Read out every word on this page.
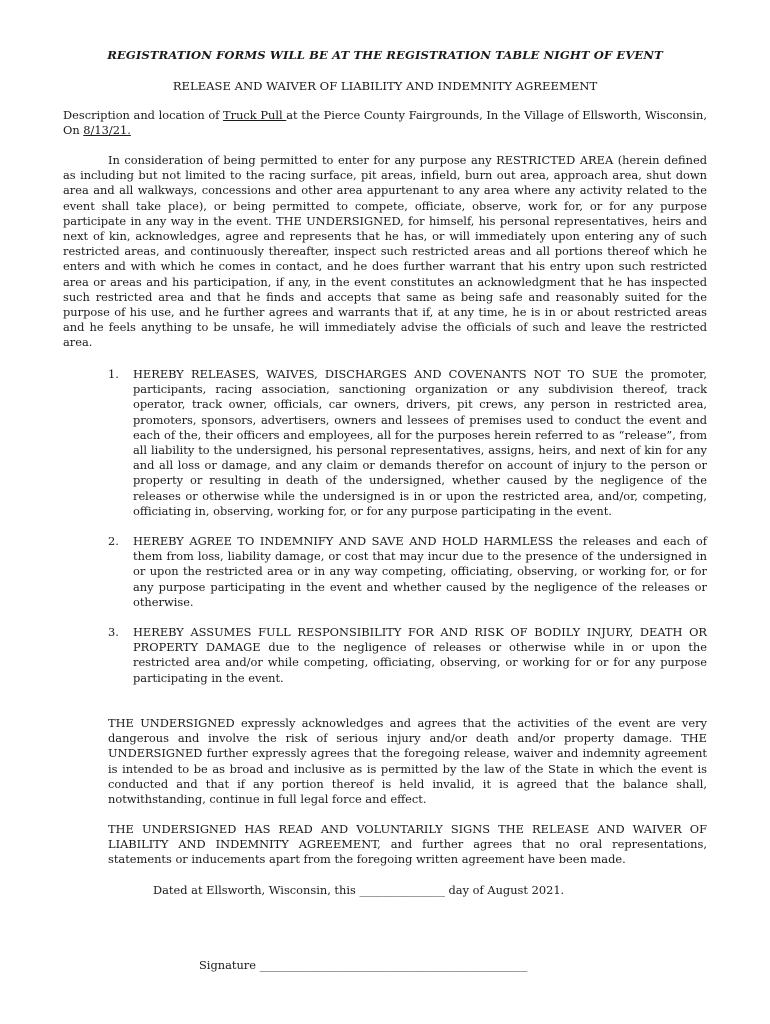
REGISTRATION FORMS WILL BE AT THE REGISTRATION TABLE NIGHT OF EVENT
RELEASE AND WAIVER OF LIABILITY AND INDEMNITY AGREEMENT

Description and location of Truck Pull at the Pierce County Fairgrounds, In the Village of Ellsworth, Wisconsin, On 8/13/21.

In consideration of being permitted to enter for any purpose any RESTRICTED AREA (herein defined as including but not limited to the racing surface, pit areas, infield, burn out area, approach area, shut down area and all walkways, concessions and other area appurtenant to any area where any activity related to the event shall take place), or being permitted to compete, officiate, observe, work for, or for any purpose participate in any way in the event. THE UNDERSIGNED, for himself, his personal representatives, heirs and next of kin, acknowledges, agree and represents that he has, or will immediately upon entering any of such restricted areas, and continuously thereafter, inspect such restricted areas and all portions thereof which he enters and with which he comes in contact, and he does further warrant that his entry upon such restricted area or areas and his participation, if any, in the event constitutes an acknowledgment that he has inspected such restricted area and that he finds and accepts that same as being safe and reasonably suited for the purpose of his use, and he further agrees and warrants that if, at any time, he is in or about restricted areas and he feels anything to be unsafe, he will immediately advise the officials of such and leave the restricted area.

1. HEREBY RELEASES, WAIVES, DISCHARGES AND COVENANTS NOT TO SUE the promoter, participants, racing association, sanctioning organization or any subdivision thereof, track operator, track owner, officials, car owners, drivers, pit crews, any person in restricted area, promoters, sponsors, advertisers, owners and lessees of premises used to conduct the event and each of the, their officers and employees, all for the purposes herein referred to as “release”, from all liability to the undersigned, his personal representatives, assigns, heirs, and next of kin for any and all loss or damage, and any claim or demands therefor on account of injury to the person or property or resulting in death of the undersigned, whether caused by the negligence of the releases or otherwise while the undersigned is in or upon the restricted area, and/or, competing, officiating in, observing, working for, or for any purpose participating in the event.
2. HEREBY AGREE TO INDEMNIFY AND SAVE AND HOLD HARMLESS the releases and each of them from loss, liability damage, or cost that may incur due to the presence of the undersigned in or upon the restricted area or in any way competing, officiating, observing, or working for, or for any purpose participating in the event and whether caused by the negligence of the releases or otherwise.
3. HEREBY ASSUMES FULL RESPONSIBILITY FOR AND RISK OF BODILY INJURY, DEATH OR PROPERTY DAMAGE due to the negligence of releases or otherwise while in or upon the restricted area and/or while competing, officiating, observing, or working for or for any purpose participating in the event.

THE UNDERSIGNED expressly acknowledges and agrees that the activities of the event are very dangerous and involve the risk of serious injury and/or death and/or property damage. THE UNDERSIGNED further expressly agrees that the foregoing release, waiver and indemnity agreement is intended to be as broad and inclusive as is permitted by the law of the State in which the event is conducted and that if any portion thereof is held invalid, it is agreed that the balance shall, notwithstanding, continue in full legal force and effect.

THE UNDERSIGNED HAS READ AND VOLUNTARILY SIGNS THE RELEASE AND WAIVER OF LIABILITY AND INDEMNITY AGREEMENT, and further agrees that no oral representations, statements or inducements apart from the foregoing written agreement have been made.

Dated at Ellsworth, Wisconsin, this _______________ day of August 2021.
Signature _______________________________________________
